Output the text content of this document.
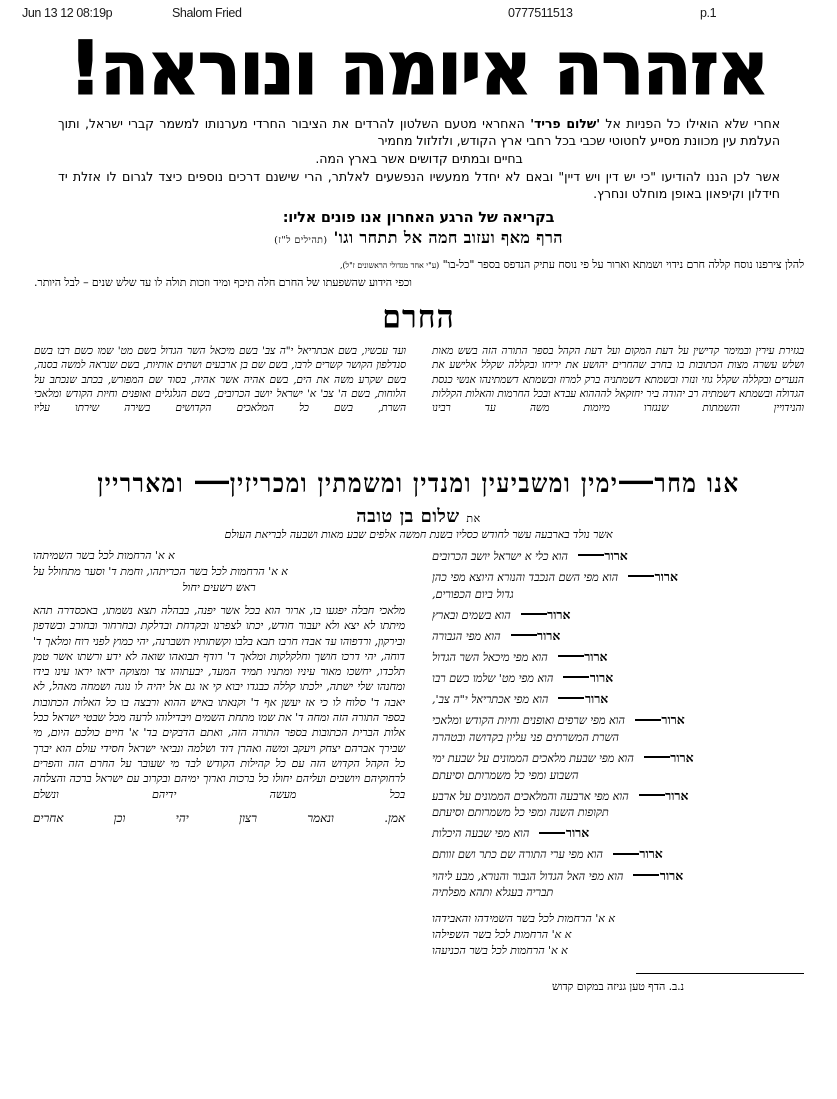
Jun 13 12 08:19p	Shalom Fried	0777511513	p.1
אזהרה איומה ונוראה!
אחרי שלא הואילו כל הפניות אל 'שלום פריד' האחראי מטעם השלטון להרדים את הציבור החרדי מערנותו למשמר קברי ישראל, ותוך העלמת עין מכוונת מסייע לחטוטי שכבי בכל רחבי ארץ הקודש, ולזלזול מחמיר
בחיים ובמתים קדושים אשר בארץ המה.
אשר לכן הננו להודיעו "כי יש דין ויש דיין" ובאם לא יחדל ממעשיו הנפשעים לאלתר, הרי שישנם דרכים נוספים כיצד לגרום לו אזלת יד חידלון וקיפאון באופן מוחלט ונחרץ.
בקריאה של הרגע האחרון אנו פונים אליו:
הרף מאף ועזוב חמה אל תתחר וגו' (תהילים ל"ז)
להלן צירפנו נוסח קללה חרם נידוי ושמתא וארור על פי נוסח עתיק הנדפס בספר "כל-בו" (ע"י אחד מגדולי הראשונים ז"ל),
וכפי הידוע שהשפעתו של החרם חלה תיכף ומיד וזכות תולה לו עד שלש שנים – לבל היותר.
החרם

בגזירת עירין ובמימר קדישין על דעת המקום ועל דעת הקהל בספר התורה הזה בשש מאות ושלש עשרה מצות הכתובות בו בחרב שהחרים יהושע את יריחו ובקללה שקלל אלישע את הנערים ובקללה שקלל גוזי ונזרו ובשמתא דשמתניה ברק למרוז ובשמתא דשמתינהו אנשי כנסת הגדולה ובשמתא דשמתיה רב יהודה ביר יחזקאל להההוא עבדא ובכל החרמות והאלות הקללות והנידויין והשמתות שנגזרו מיומות משה עד רבינו

ועד עכשיו, בשם אכתריאל י"ה צב' בשם מיכאל השר הגדול בשם מט' שמו כשם רבו בשם סנדלפון הקושר קשרים לרבו, בשם שם בן ארבעים ושתים אותיות, בשם שנראה למשה בסנה, בשם שקרע משה את הים, בשם אהיה אשר אהיה, בסוד שם המפורש, בכתב שנכתב על הלוחות, בשם ה' צב' א' ישראל יושב הכרובים, בשם הגלגלים ואופנים וחיות הקודש ומלאכי השרת, בשם כל המלאכים הקדושים בשירה שירתו עליו

אנו מחרימין ומשביעין ומנדין ומשמתין ומכריזין ומארריין
את שלום בן טובה
אשר נולד בארבעה עשר לחודש כסליו בשנת חמשה אלפים שבע מאות ושבעה לבריאת העולם
ארור הוא כלי א ישראל יושב הכרובים
ארור הוא מפי השם הנכבד והנורא היוצא מפי כהן
גדול ביום הכפורים,
ארור הוא בשמים ובארץ
ארור הוא מפי הגבורה
ארור הוא מפי מיכאל השר הגדול
ארור הוא מפי מט' שלמו כשם רבו
ארור הוא מפי אכתריאל י"ה צב',
ארור הוא מפי שרפים ואופנים וחיות הקודש ומלאכי
השרת המשרתים פני עליון בקדושה ובטהרה
ארור הוא מפי שבעת מלאכים הממונים על שבעת ימי
השבוע ומפי כל משמרותם וסיעתם
ארור הוא מפי ארבעה והמלאכים הממונים על ארבע
תקופות השנה ומפי כל משמרותם וסיעתם
ארור הוא מפי שבעה היכלות
ארור הוא מפי ערי התורה שם כתר ושם זוותם
ארור הוא מפי האל הגדול הגבור והנורא, מבע ליהוי
תבריה בעגלא ותהא מפלתיה
א א' הרחמות לכל בשר השמידהו והאבידהו
א א' הרחמות לכל בשר השפילהו
א א' הרחמות לכל בשר הכניעהו
נ.ב. הדף טען גניזה במקום קדוש
א א' הרחמות לכל בשר השמיתהו
א א' הרחמות לכל בשר הכריתהו, וחמת ד' וסער מתחולל על
ראש רשעים יחול
מלאכי חבלה יפגעו בו, ארור הוא בכל אשר יפנה, בבהלה תצא נשמתו, באכסדרה תהא מיתתו לא יצא ולא יעבור חודש, יכתו לצפרנו ובקדחת ובדלקת ובחרחור ובחורב ובשדפון ובירקון, ורדפוהו עד אבדו חרבו תבא בלבו וקשתותיו תשברנה, יהי כמוץ לפני רוח ומלאך ד' דוחה, יהי דרכו חושך וחלקלקות ומלאך ד' רודף תבואהו שואה לא ידע ורשתו אשר טמן תלכדו, יחשכו מאור עיניו ומתניו תמיד המעד, יבעתוהו צר ומצוקה יראו יראו עינו בידו ומחנהו שלי ישתה, ילכתו קללה כבגדו יבוא קי או גם אל יהיה לו נוגה ושמחה מאהל, לא יאבה ד' סלוח לו כי אז יעשן אף ד' וקנאתו באיש ההוא ורבצה בו כל האלות הכתובות בספר התורה הזה ומחה ד' את שמו מתחת השמים ויבדילוהו לרעה מכל שבטי ישראל ככל אלות הברית הכתובות בספר התורה הזה, ואתם הדבקים בד' א' חיים כולכם היום, מי שבירך אברהם יצחק ויעקב ומשה ואהרן דוד ושלמה ונביאי ישראל חסידי עולם הוא יברך כל הקהל הקדוש הזה עם כל קהילות הקודש לבד מי שעובר על החרם הזה והפרים לרחוקיהם ויושבים ועליהם יחולו כל ברכות וארוך ימיהם ובקרוב עם ישראל ברכה והצלחה בכל מעשה ידיהם ונשלם
אמן.
ונאמר
רצון
יהי
וכן
אחרים
